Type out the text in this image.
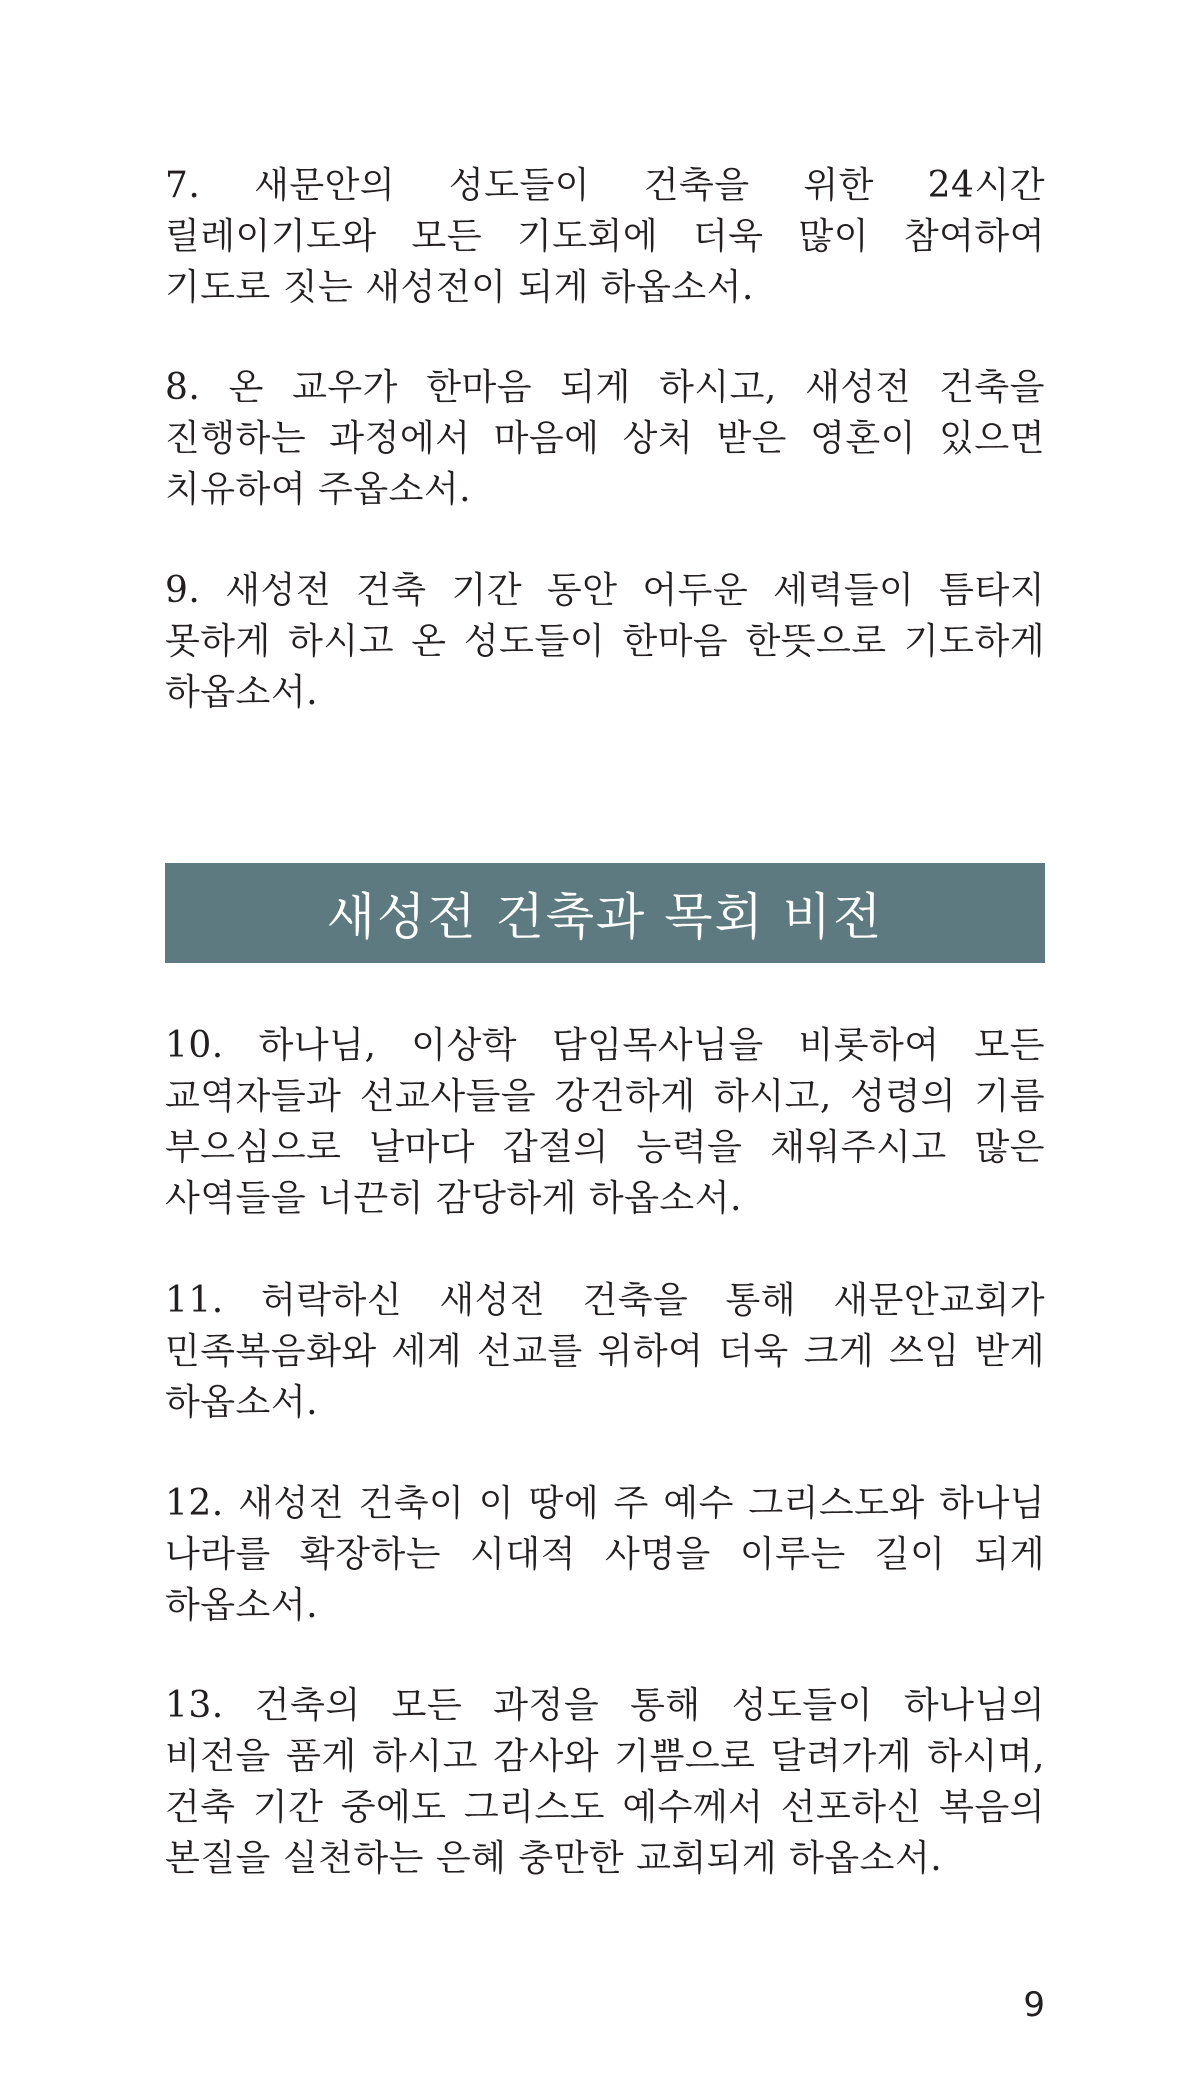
7. 새문안의 성도들이 건축을 위한 24시간 릴레이기도와 모든 기도회에 더욱 많이 참여하여 기도로 짓는 새성전이 되게 하옵소서.

8. 온 교우가 한마음 되게 하시고, 새성전 건축을 진행하는 과정에서 마음에 상처 받은 영혼이 있으면 치유하여 주옵소서.

9. 새성전 건축 기간 동안 어두운 세력들이 틈타지 못하게 하시고 온 성도들이 한마음 한뜻으로 기도하게 하옵소서.

새성전 건축과 목회 비전

10. 하나님, 이상학 담임목사님을 비롯하여 모든 교역자들과 선교사들을 강건하게 하시고, 성령의 기름 부으심으로 날마다 갑절의 능력을 채워주시고 많은 사역들을 너끈히 감당하게 하옵소서.

11. 허락하신 새성전 건축을 통해 새문안교회가 민족복음화와 세계 선교를 위하여 더욱 크게 쓰임 받게 하옵소서.

12. 새성전 건축이 이 땅에 주 예수 그리스도와 하나님 나라를 확장하는 시대적 사명을 이루는 길이 되게 하옵소서.

13. 건축의 모든 과정을 통해 성도들이 하나님의 비전을 품게 하시고 감사와 기쁨으로 달려가게 하시며, 건축 기간 중에도 그리스도 예수께서 선포하신 복음의 본질을 실천하는 은혜 충만한 교회되게 하옵소서.

9
